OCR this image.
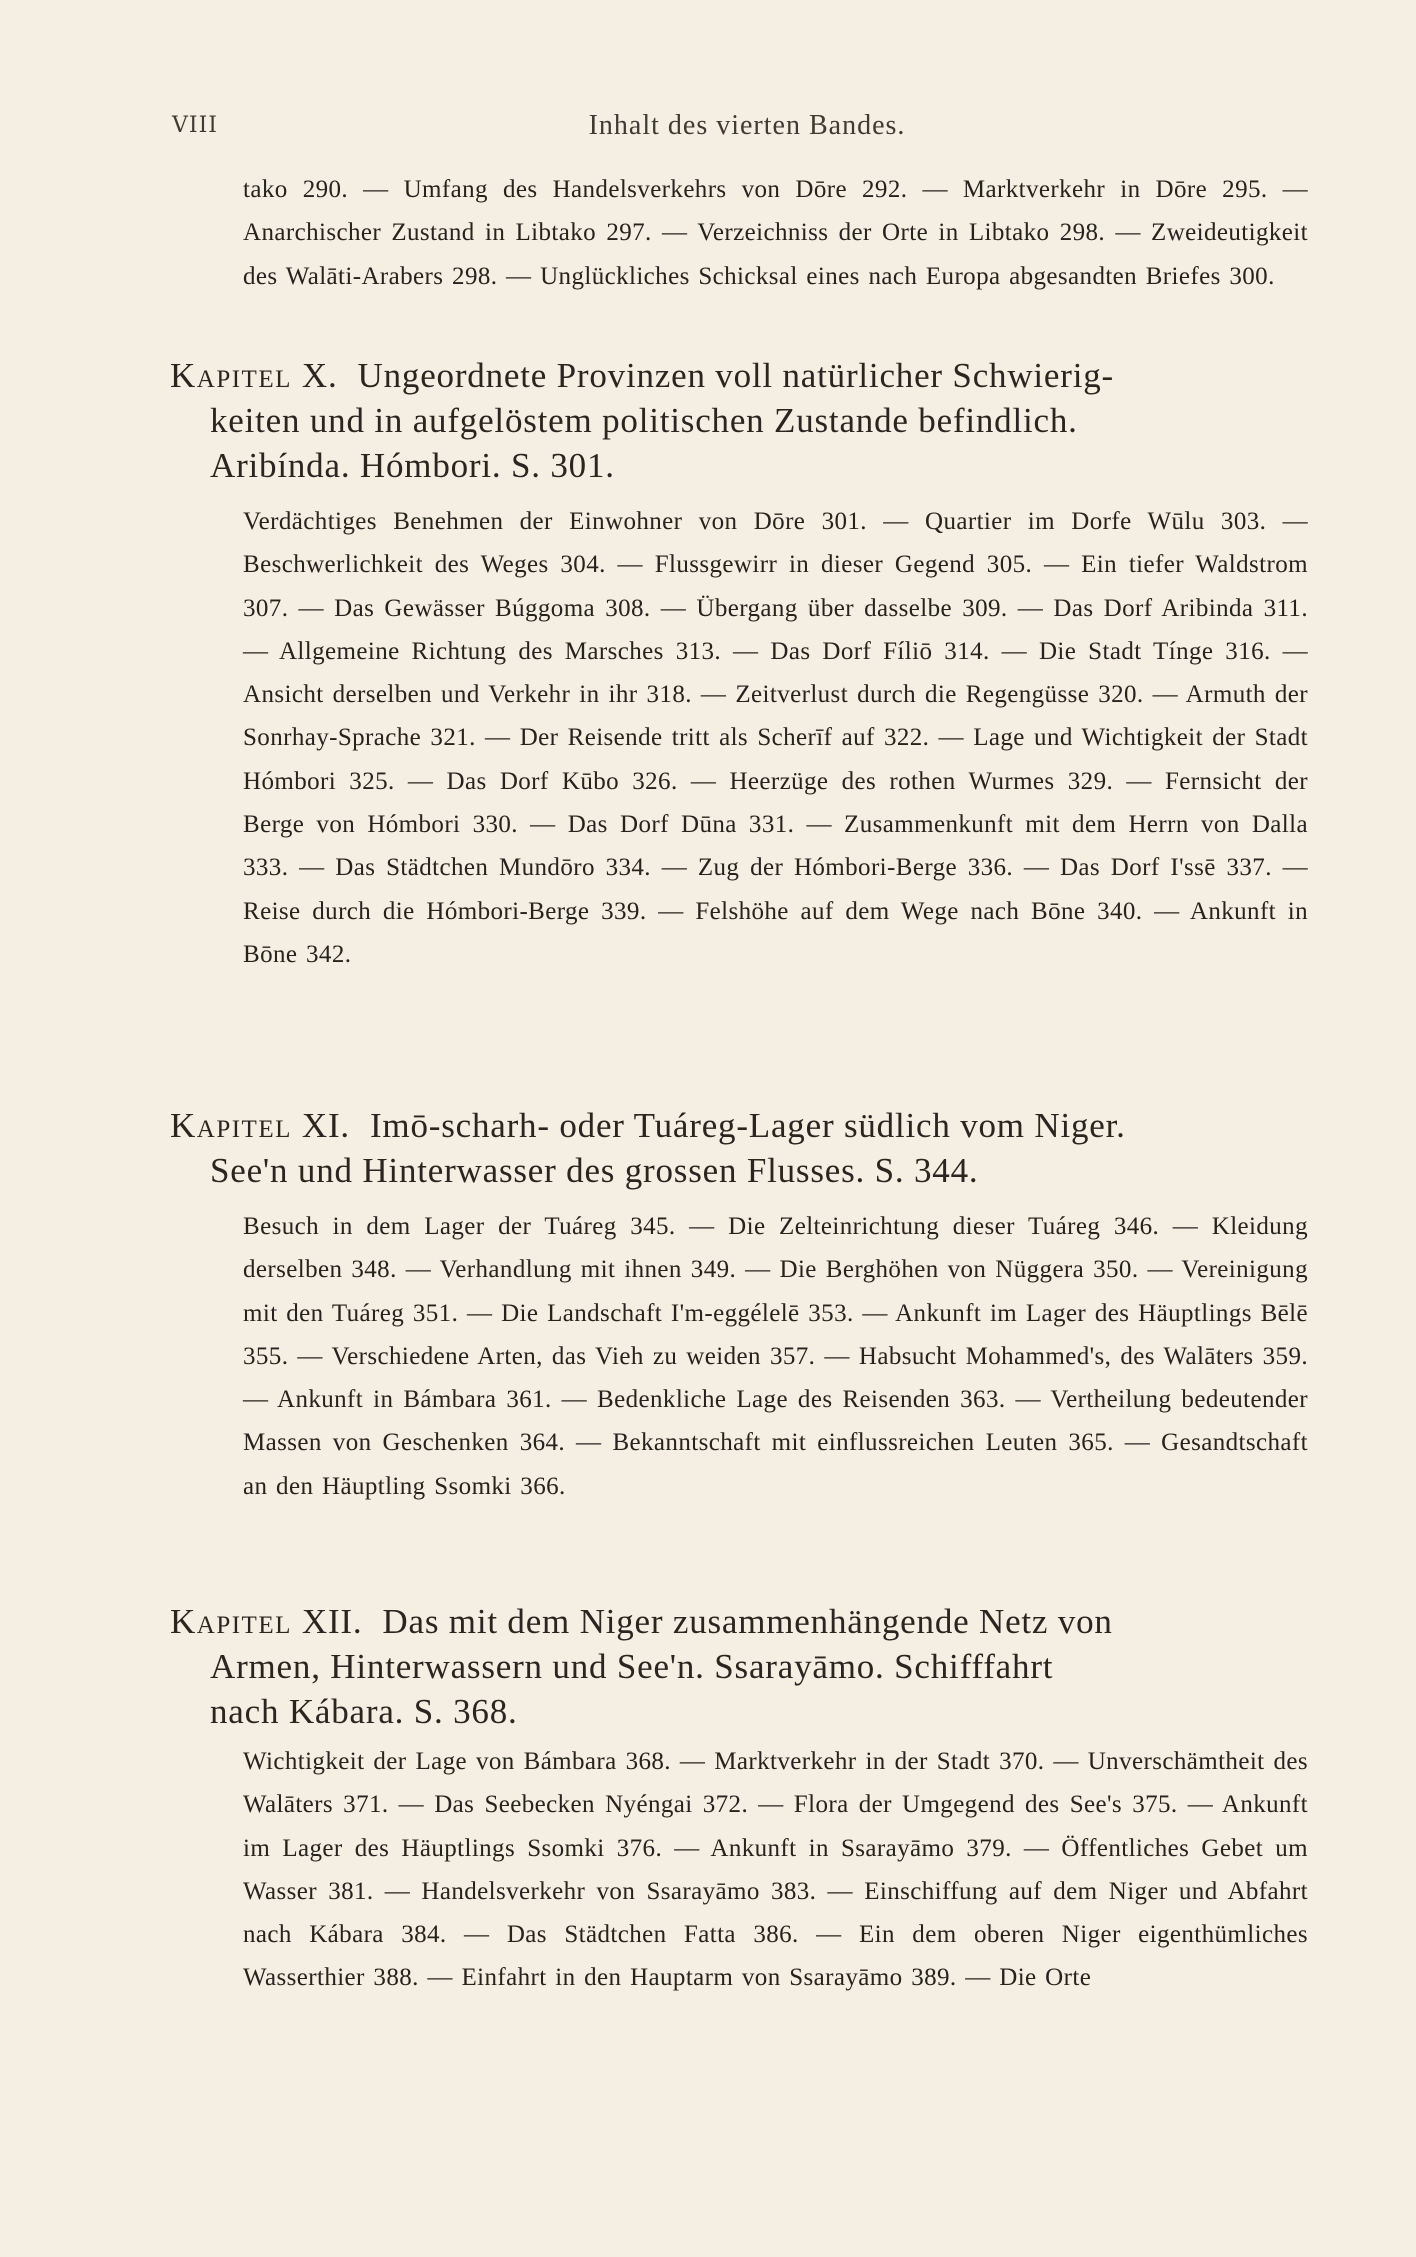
VIII	Inhalt des vierten Bandes.

tako 290. — Umfang des Handelsverkehrs von Dōre 292. — Marktverkehr in Dōre 295. — Anarchischer Zustand in Libtako 297. — Verzeichniss der Orte in Libtako 298. — Zweideutigkeit des Walāti-Arabers 298. — Unglückliches Schicksal eines nach Europa abgesandten Briefes 300.

Kapitel X. Ungeordnete Provinzen voll natürlicher Schwierig-
keiten und in aufgelöstem politischen Zustande befindlich.
Aribínda. Hómbori. S. 301.

Verdächtiges Benehmen der Einwohner von Dōre 301. — Quartier im Dorfe Wūlu 303. — Beschwerlichkeit des Weges 304. — Flussgewirr in dieser Gegend 305. — Ein tiefer Waldstrom 307. — Das Gewässer Búggoma 308. — Übergang über dasselbe 309. — Das Dorf Aribinda 311. — Allgemeine Richtung des Marsches 313. — Das Dorf Fíliō 314. — Die Stadt Tínge 316. — Ansicht derselben und Verkehr in ihr 318. — Zeitverlust durch die Regengüsse 320. — Armuth der Sonrhay-Sprache 321. — Der Reisende tritt als Scherīf auf 322. — Lage und Wichtigkeit der Stadt Hómbori 325. — Das Dorf Kūbo 326. — Heerzüge des rothen Wurmes 329. — Fernsicht der Berge von Hómbori 330. — Das Dorf Dūna 331. — Zusammenkunft mit dem Herrn von Dalla 333. — Das Städtchen Mundōro 334. — Zug der Hómbori-Berge 336. — Das Dorf I'ssē 337. — Reise durch die Hómbori-Berge 339. — Felshöhe auf dem Wege nach Bōne 340. — Ankunft in Bōne 342.

Kapitel XI. Imō-scharh- oder Tuáreg-Lager südlich vom Niger.
See'n und Hinterwasser des grossen Flusses. S. 344.

Besuch in dem Lager der Tuáreg 345. — Die Zelteinrichtung dieser Tuáreg 346. — Kleidung derselben 348. — Verhandlung mit ihnen 349. — Die Berghöhen von Nüggera 350. — Vereinigung mit den Tuáreg 351. — Die Landschaft I'm-eggélelē 353. — Ankunft im Lager des Häuptlings Bēlē 355. — Verschiedene Arten, das Vieh zu weiden 357. — Habsucht Mohammed's, des Walāters 359. — Ankunft in Bámbara 361. — Bedenkliche Lage des Reisenden 363. — Vertheilung bedeutender Massen von Geschenken 364. — Bekanntschaft mit einflussreichen Leuten 365. — Gesandtschaft an den Häuptling Ssomki 366.

Kapitel XII. Das mit dem Niger zusammenhängende Netz von
Armen, Hinterwassern und See'n. Ssarayāmo. Schifffahrt
nach Kábara. S. 368.

Wichtigkeit der Lage von Bámbara 368. — Marktverkehr in der Stadt 370. — Unverschämtheit des Walāters 371. — Das Seebecken Nyéngai 372. — Flora der Umgegend des See's 375. — Ankunft im Lager des Häuptlings Ssomki 376. — Ankunft in Ssarayāmo 379. — Öffentliches Gebet um Wasser 381. — Handelsverkehr von Ssarayāmo 383. — Einschiffung auf dem Niger und Abfahrt nach Kábara 384. — Das Städtchen Fatta 386. — Ein dem oberen Niger eigenthümliches Wasserthier 388. — Einfahrt in den Hauptarm von Ssarayāmo 389. — Die Orte
